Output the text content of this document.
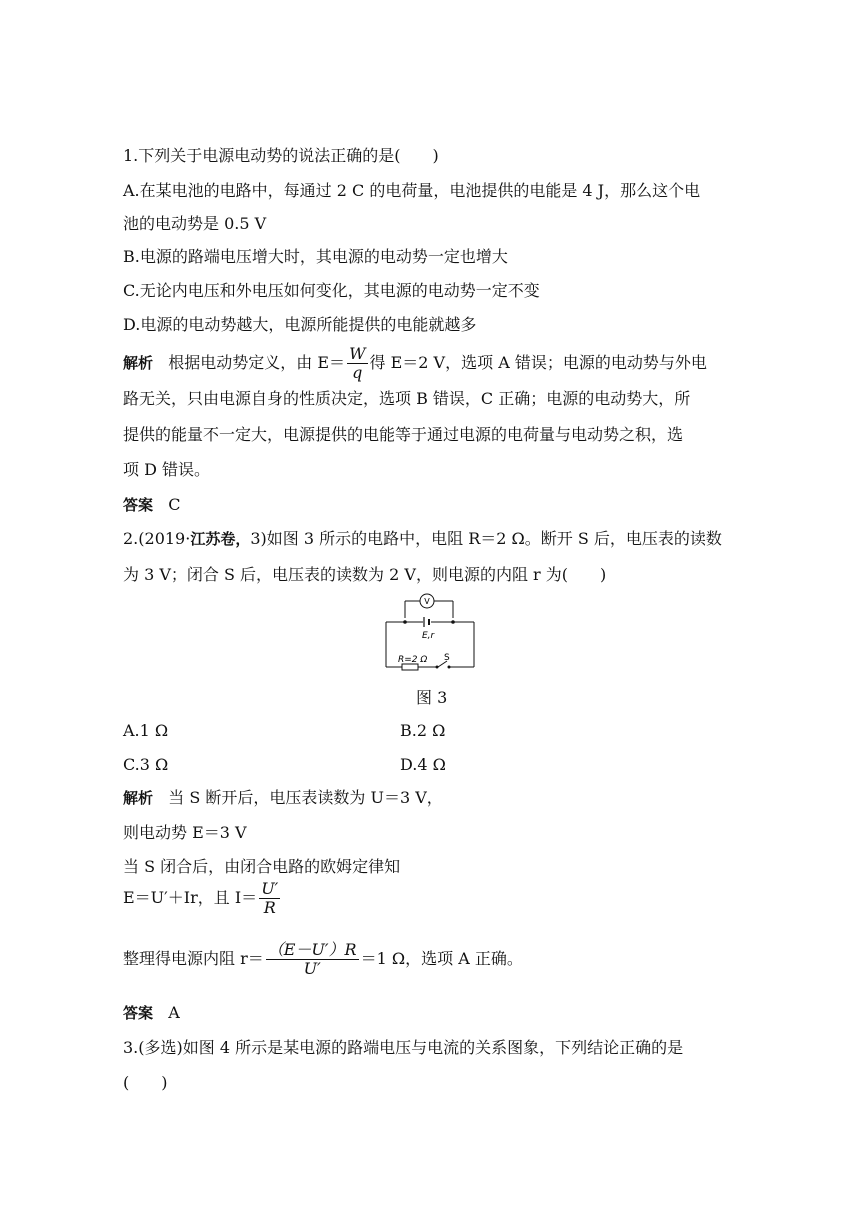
1.下列关于电源电动势的说法正确的是(　　)
A.在某电池的电路中，每通过 2 C 的电荷量，电池提供的电能是 4 J，那么这个电
池的电动势是 0.5 V
B.电源的路端电压增大时，其电源的电动势一定也增大
C.无论内电压和外电压如何变化，其电源的电动势一定不变
D.电源的电动势越大，电源所能提供的电能就越多
解析 根据电动势定义，由 $E= \frac{W}{q}$ 得 E＝2 V，选项 A 错误；电源的电动势与外电
路无关，只由电源自身的性质决定，选项 B 错误，C 正确；电源的电动势大，所
提供的能量不一定大，电源提供的电能等于通过电源的电荷量与电动势之积，选
项 D 错误。
答案 C
2.(2019·江苏卷，3)如图 3 所示的电路中，电阻 R＝2 Ω。断开 S 后，电压表的读数
为 3 V；闭合 S 后，电压表的读数为 2 V，则电源的内阻 r 为(　　)
V
E,r
R=2 Ω S
图 3
A.1 Ω	B.2 Ω
C.3 Ω	D.4 Ω
解析 当 S 断开后，电压表读数为 U＝3 V，
则电动势 E＝3 V
当 S 闭合后，由闭合电路的欧姆定律知
E＝U′＋Ir，且 $I= \frac{U'}{R}$
整理得电源内阻 $r= \frac{(E-U')R}{U'} =1$ Ω，选项 A 正确。
答案 A
3.(多选)如图 4 所示是某电源的路端电压与电流的关系图象，下列结论正确的是
(　　)
